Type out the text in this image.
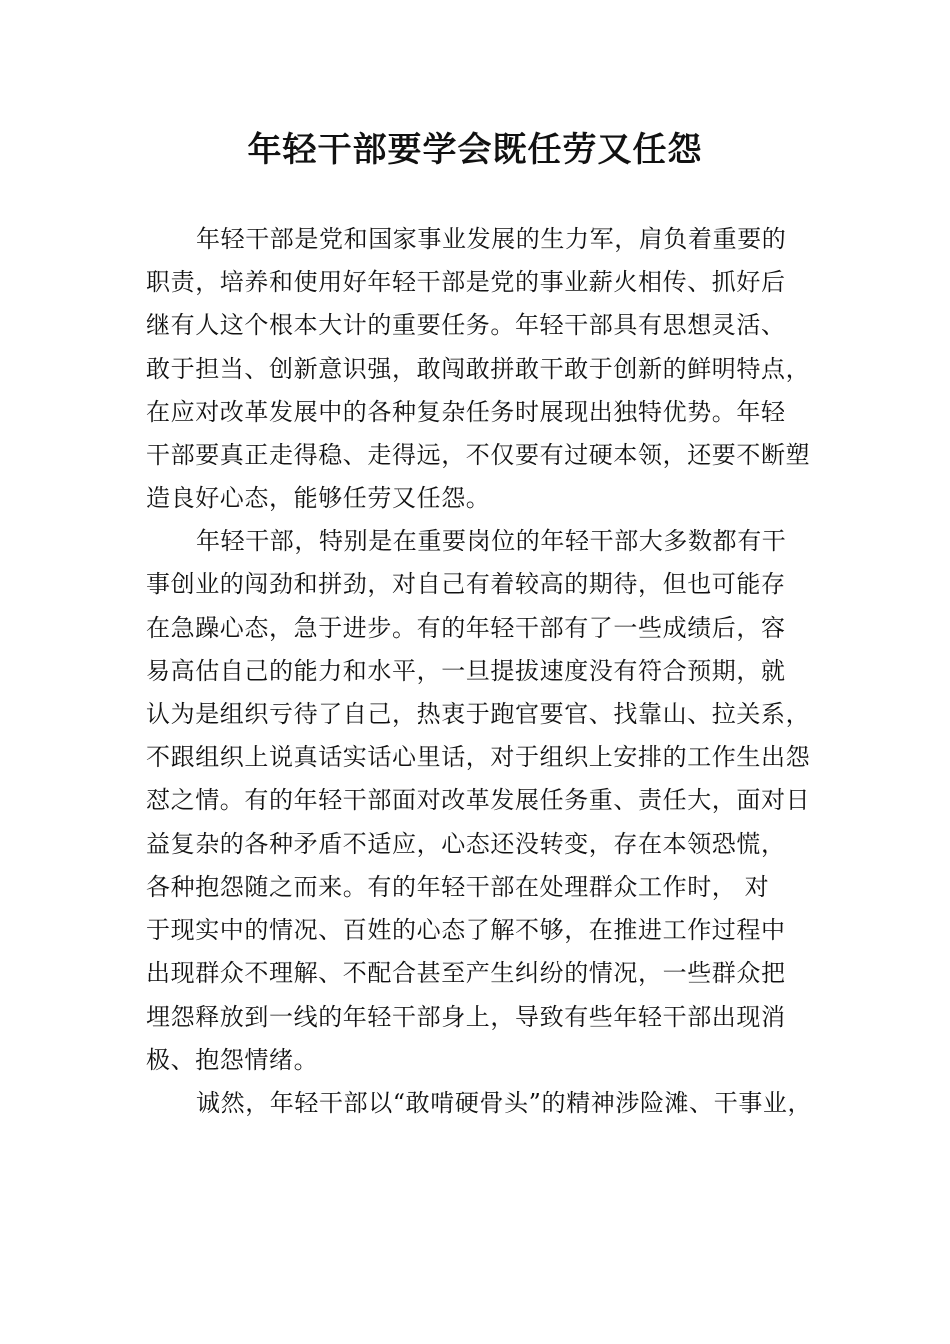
年轻干部要学会既任劳又任怨
年轻干部是党和国家事业发展的生力军，肩负着重要的
职责，培养和使用好年轻干部是党的事业薪火相传、抓好后
继有人这个根本大计的重要任务。年轻干部具有思想灵活、
敢于担当、创新意识强，敢闯敢拼敢干敢于创新的鲜明特点，
在应对改革发展中的各种复杂任务时展现出独特优势。年轻
干部要真正走得稳、走得远，不仅要有过硬本领，还要不断塑
造良好心态，能够任劳又任怨。
年轻干部，特别是在重要岗位的年轻干部大多数都有干
事创业的闯劲和拼劲，对自己有着较高的期待，但也可能存
在急躁心态，急于进步。有的年轻干部有了一些成绩后，容
易高估自己的能力和水平，一旦提拔速度没有符合预期，就
认为是组织亏待了自己，热衷于跑官要官、找靠山、拉关系，
不跟组织上说真话实话心里话，对于组织上安排的工作生出怨
怼之情。有的年轻干部面对改革发展任务重、责任大，面对日
益复杂的各种矛盾不适应，心态还没转变，存在本领恐慌，
各种抱怨随之而来。有的年轻干部在处理群众工作时， 对
于现实中的情况、百姓的心态了解不够，在推进工作过程中
出现群众不理解、不配合甚至产生纠纷的情况，一些群众把
埋怨释放到一线的年轻干部身上，导致有些年轻干部出现消
极、抱怨情绪。
诚然，年轻干部以“敢啃硬骨头”的精神涉险滩、干事业，
